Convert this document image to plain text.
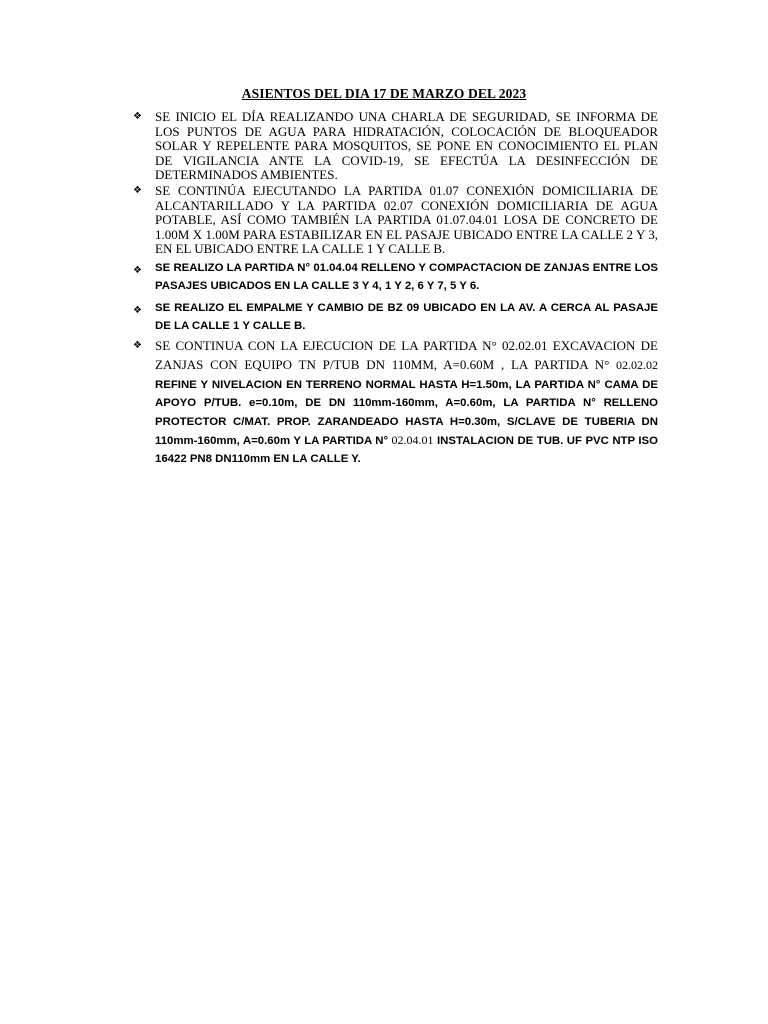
ASIENTOS DEL DIA 17 DE MARZO DEL 2023
❖ SE INICIO EL DÍA REALIZANDO UNA CHARLA DE SEGURIDAD, SE INFORMA DE LOS PUNTOS DE AGUA PARA HIDRATACIÓN, COLOCACIÓN DE BLOQUEADOR SOLAR Y REPELENTE PARA MOSQUITOS, SE PONE EN CONOCIMIENTO EL PLAN DE VIGILANCIA ANTE LA COVID-19, SE EFECTÚA LA DESINFECCIÓN DE DETERMINADOS AMBIENTES.
❖ SE CONTINÚA EJECUTANDO LA PARTIDA 01.07 CONEXIÓN DOMICILIARIA DE ALCANTARILLADO Y LA PARTIDA 02.07 CONEXIÓN DOMICILIARIA DE AGUA POTABLE, ASÍ COMO TAMBIÉN LA PARTIDA 01.07.04.01 LOSA DE CONCRETO DE 1.00M X 1.00M PARA ESTABILIZAR EN EL PASAJE UBICADO ENTRE LA CALLE 2 Y 3, EN EL UBICADO ENTRE LA CALLE 1 Y CALLE B.
❖ SE REALIZO LA PARTIDA N° 01.04.04 RELLENO Y COMPACTACION DE ZANJAS ENTRE LOS PASAJES UBICADOS EN LA CALLE 3 Y 4, 1 Y 2, 6 Y 7, 5 Y 6.
❖ SE REALIZO EL EMPALME Y CAMBIO DE BZ 09 UBICADO EN LA AV. A CERCA AL PASAJE DE LA CALLE 1 Y CALLE B.
❖ SE CONTINUA CON LA EJECUCION DE LA PARTIDA N° 02.02.01 EXCAVACION DE ZANJAS CON EQUIPO TN P/TUB DN 110MM, A=0.60M , LA PARTIDA N° 02.02.02 REFINE Y NIVELACION EN TERRENO NORMAL HASTA H=1.50m, LA PARTIDA N° CAMA DE APOYO P/TUB. e=0.10m, DE DN 110mm-160mm, A=0.60m, LA PARTIDA N° RELLENO PROTECTOR C/MAT. PROP. ZARANDEADO HASTA H=0.30m, S/CLAVE DE TUBERIA DN 110mm-160mm, A=0.60m Y LA PARTIDA N° 02.04.01 INSTALACION DE TUB. UF PVC NTP ISO 16422 PN8 DN110mm EN LA CALLE Y.
